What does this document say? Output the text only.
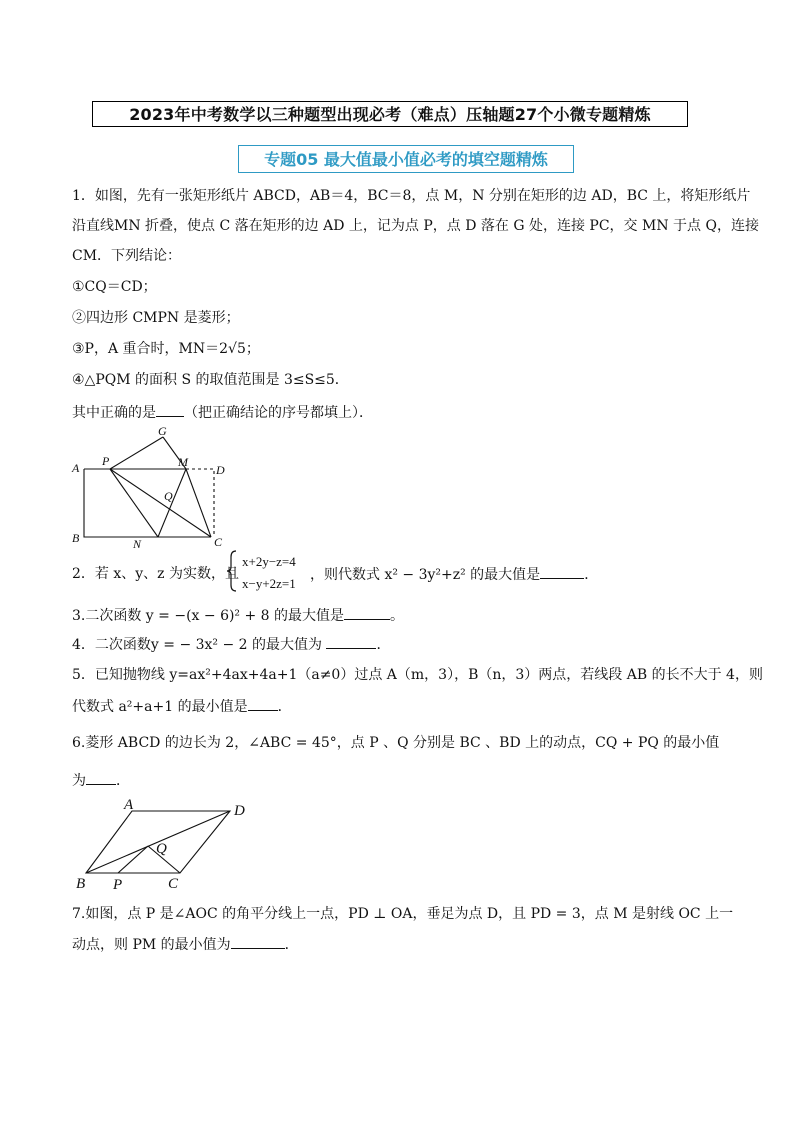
2023年中考数学以三种题型出现必考（难点）压轴题27个小微专题精炼
专题05 最大值最小值必考的填空题精炼
1．如图，先有一张矩形纸片 ABCD，AB＝4，BC＝8，点 M，N 分别在矩形的边 AD，BC 上，将矩形纸片
沿直线MN 折叠，使点 C 落在矩形的边 AD 上，记为点 P，点 D 落在 G 处，连接 PC，交 MN 于点 Q，连接
CM．下列结论：
①CQ＝CD；
②四边形 CMPN 是菱形；
③P，A 重合时，MN＝2√5；
④△PQM 的面积 S 的取值范围是 3≤S≤5．
其中正确的是 （把正确结论的序号都填上）．
A
B	C
D
P	M
N
Q
G
2．若 x、y、z 为实数，且
x+2y−z=4
x−y+2z=1
，则代数式 x² − 3y²+z² 的最大值是	．
3.二次函数 y = −(x − 6)² + 8 的最大值是	。
4．二次函数y = − 3x² − 2 的最大值为	．
5．已知抛物线 y=ax²+4ax+4a+1（a≠0）过点 A（m，3），B（n，3）两点，若线段 AB 的长不大于 4，则
代数式 a²+a+1 的最小值是 ．
6.菱形 ABCD 的边长为 2，∠ABC = 45°，点 P 、Q 分别是 BC 、BD 上的动点，CQ + PQ 的最小值
为 ．
A
B	C
D
P
Q
7.如图，点 P 是∠AOC 的角平分线上一点，PD ⊥ OA，垂足为点 D，且 PD = 3，点 M 是射线 OC 上一
动点，则 PM 的最小值为	．
